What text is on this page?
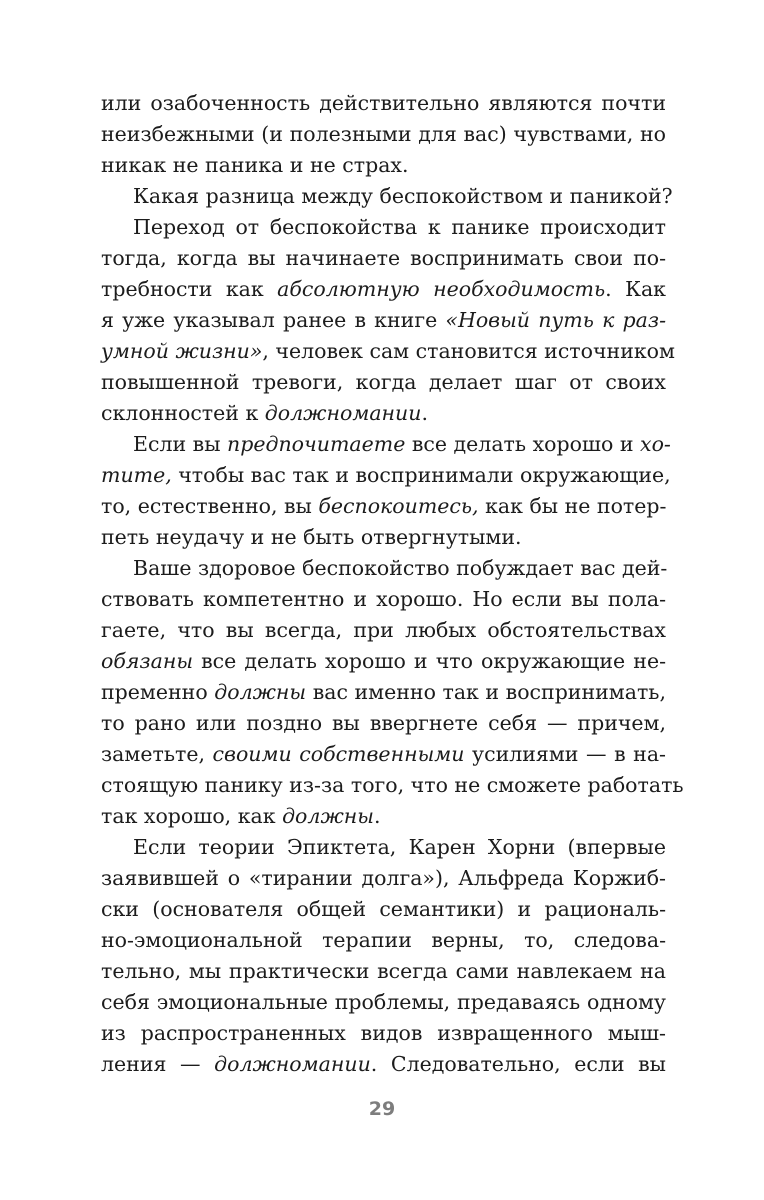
или озабоченность действительно являются почти
неизбежными (и полезными для вас) чувствами, но
никак не паника и не страх.
Какая разница между беспокойством и паникой?
Переход от беспокойства к панике происходит
тогда, когда вы начинаете воспринимать свои по-
требности как абсолютную необходимость. Как
я уже указывал ранее в книге «Новый путь к раз-
умной жизни», человек сам становится источником
повышенной тревоги, когда делает шаг от своих
склонностей к должномании.
Если вы предпочитаете все делать хорошо и хо-
тите, чтобы вас так и воспринимали окружающие,
то, естественно, вы беспокоитесь, как бы не потер-
петь неудачу и не быть отвергнутыми.
Ваше здоровое беспокойство побуждает вас дей-
ствовать компетентно и хорошо. Но если вы пола-
гаете, что вы всегда, при любых обстоятельствах
обязаны все делать хорошо и что окружающие не-
пременно должны вас именно так и воспринимать,
то рано или поздно вы ввергнете себя — причем,
заметьте, своими собственными усилиями — в на-
стоящую панику из-за того, что не сможете работать
так хорошо, как должны.
Если теории Эпиктета, Карен Хорни (впервые
заявившей о «тирании долга»), Альфреда Коржиб-
ски (основателя общей семантики) и рациональ-
но-эмоциональной терапии верны, то, следова-
тельно, мы практически всегда сами навлекаем на
себя эмоциональные проблемы, предаваясь одному
из распространенных видов извращенного мыш-
ления — должномании. Следовательно, если вы
29
